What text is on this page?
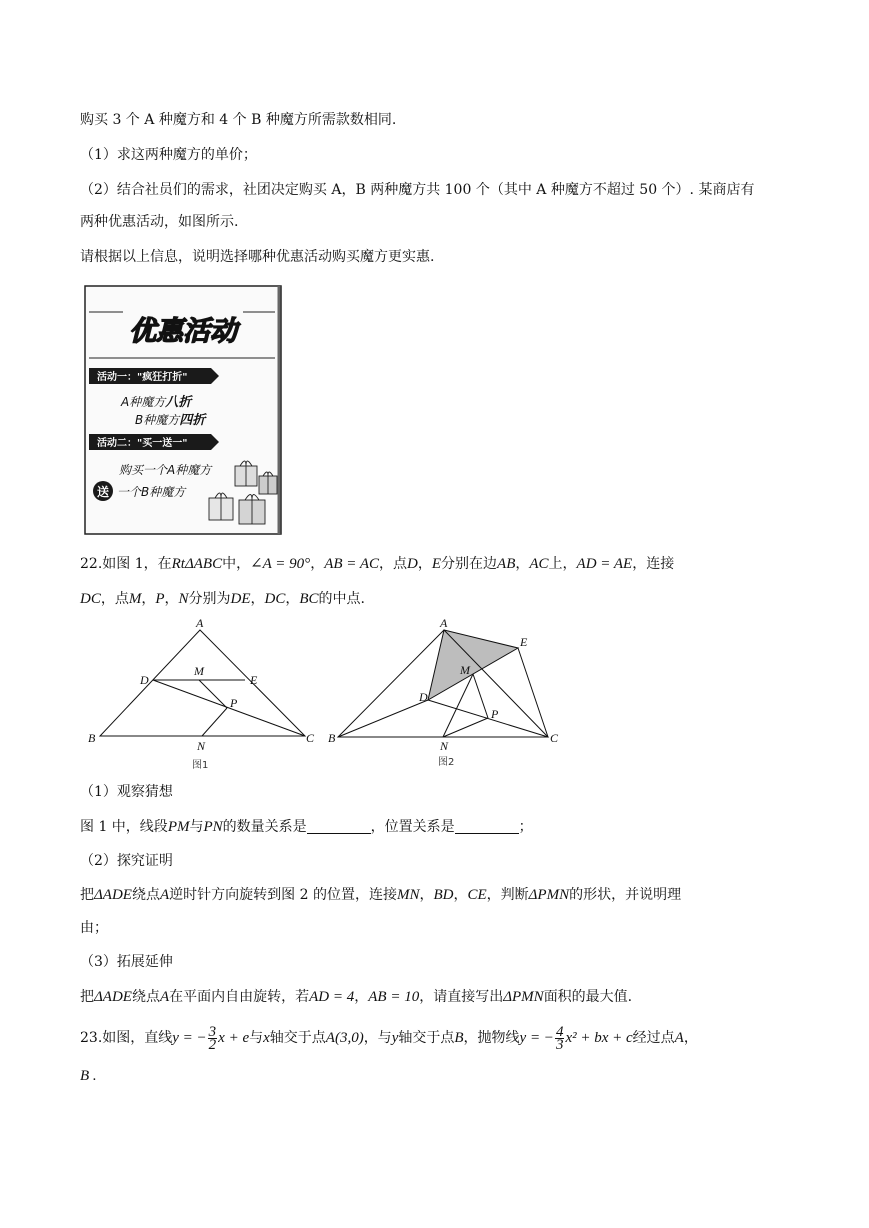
购买 3 个 A 种魔方和 4 个 B 种魔方所需款数相同.
（1）求这两种魔方的单价；
（2）结合社员们的需求，社团决定购买 A，B 两种魔方共 100 个（其中 A 种魔方不超过 50 个）. 某商店有
两种优惠活动，如图所示.
请根据以上信息，说明选择哪种优惠活动购买魔方更实惠.
优惠活动
活动一："疯狂打折"
A种魔方八折
B种魔方四折
活动二："买一送一"
购买一个A种魔方
送 一个B种魔方
22.如图 1，在RtΔABC中，∠A = 90°，AB = AC，点D，E分别在边AB，AC上，AD = AE，连接
DC，点M，P，N分别为DE，DC，BC的中点.
A
B	C
D	E
M
P
N
图1
A
B	C
D
E
M
P
N
图2
（1）观察猜想
图 1 中，线段PM与PN的数量关系是	，位置关系是	；
（2）探究证明
把ΔADE绕点A逆时针方向旋转到图 2 的位置，连接MN，BD，CE，判断ΔPMN的形状，并说明理
由；
（3）拓展延伸
把ΔADE绕点A在平面内自由旋转，若AD = 4，AB = 10，请直接写出ΔPMN面积的最大值.
23.如图，直线y = − $\frac{3}{2}$ x + e与x轴交于点A(3,0)，与y轴交于点B，抛物线y = − $\frac{4}{3} x^2$ + bx + c经过点A，
B .
